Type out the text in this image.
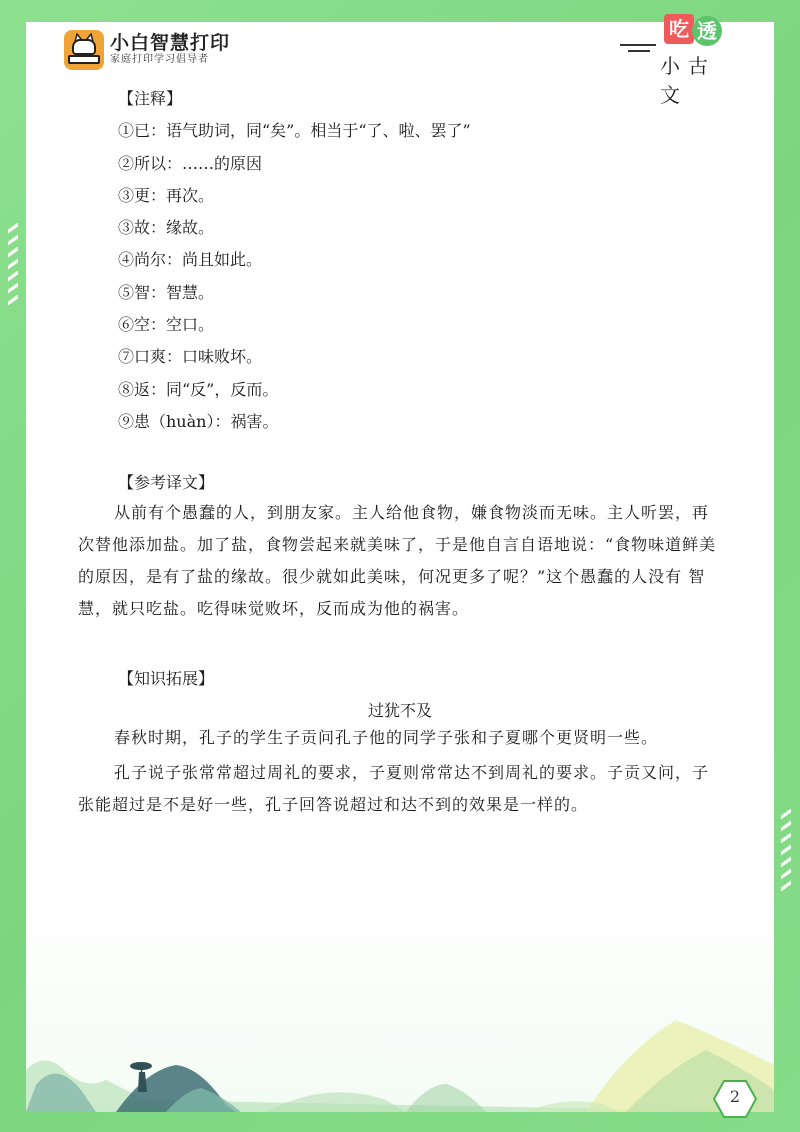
小白智慧打印
家庭打印学习倡导者
吃 透
小古文
【注释】
①已：语气助词，同“矣”。相当于“了、啦、罢了”
②所以：……的原因
③更：再次。
③故：缘故。
④尚尔：尚且如此。
⑤智：智慧。
⑥空：空口。
⑦口爽：口味败坏。
⑧返：同“反”，反而。
⑨患（huàn）：祸害。
【参考译文】
从前有个愚蠢的人，到朋友家。主人给他食物，嫌食物淡而无味。主人听罢，再次替他添加盐。加了盐，食物尝起来就美味了，于是他自言自语地说：“食物味道鲜美的原因，是有了盐的缘故。很少就如此美味，何况更多了呢？”这个愚蠢的人没有 智慧，就只吃盐。吃得味觉败坏，反而成为他的祸害。
【知识拓展】
过犹不及
春秋时期，孔子的学生子贡问孔子他的同学子张和子夏哪个更贤明一些。
孔子说子张常常超过周礼的要求，子夏则常常达不到周礼的要求。子贡又问，子张能超过是不是好一些，孔子回答说超过和达不到的效果是一样的。
2
